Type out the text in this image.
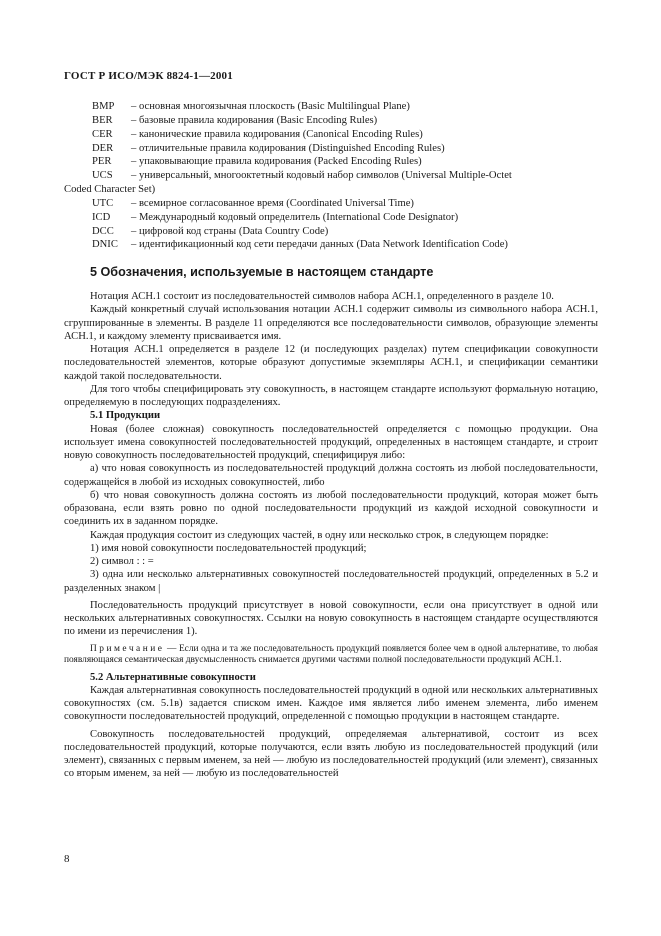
ГОСТ Р ИСО/МЭК 8824-1—2001
BMP – основная многоязычная плоскость (Basic Multilingual Plane)
BER – базовые правила кодирования (Basic Encoding Rules)
CER – канонические правила кодирования (Canonical Encoding Rules)
DER – отличительные правила кодирования (Distinguished Encoding Rules)
PER – упаковывающие правила кодирования (Packed Encoding Rules)
UCS – универсальный, многооктетный кодовый набор символов (Universal Multiple-Octet
Coded Character Set)
UTC – всемирное согласованное время (Coordinated Universal Time)
ICD – Международный кодовый определитель (International Code Designator)
DCC – цифровой код страны (Data Country Code)
DNIC – идентификационный код сети передачи данных (Data Network Identification Code)
5 Обозначения, используемые в настоящем стандарте

Нотация АСН.1 состоит из последовательностей символов набора АСН.1, определенного в разделе 10.

Каждый конкретный случай использования нотации АСН.1 содержит символы из символьного набора АСН.1, сгруппированные в элементы. В разделе 11 определяются все последовательности символов, образующие элементы АСН.1, и каждому элементу присваивается имя.

Нотация АСН.1 определяется в разделе 12 (и последующих разделах) путем спецификации совокупности последовательностей элементов, которые образуют допустимые экземпляры АСН.1, и спецификации семантики каждой такой последовательности.

Для того чтобы специфицировать эту совокупность, в настоящем стандарте используют формальную нотацию, определяемую в последующих подразделениях.

5.1 Продукции

Новая (более сложная) совокупность последовательностей определяется с помощью продукции. Она использует имена совокупностей последовательностей продукций, определенных в настоящем стандарте, и строит новую совокупность последовательностей продукций, специфицируя либо:

а) что новая совокупность из последовательностей продукций должна состоять из любой последовательности, содержащейся в любой из исходных совокупностей, либо

б) что новая совокупность должна состоять из любой последовательности продукций, которая может быть образована, если взять ровно по одной последовательности продукций из каждой исходной совокупности и соединить их в заданном порядке.

Каждая продукция состоит из следующих частей, в одну или несколько строк, в следующем порядке:

1) имя новой совокупности последовательностей продукций;

2) символ : : =

3) одна или несколько альтернативных совокупностей последовательностей продукций, определенных в 5.2 и разделенных знаком |

Последовательность продукций присутствует в новой совокупности, если она присутствует в одной или нескольких альтернативных совокупностях. Ссылки на новую совокупность в настоящем стандарте осуществляются по имени из перечисления 1).

Примечание — Если одна и та же последовательность продукций появляется более чем в одной альтернативе, то любая появляющаяся семантическая двусмысленность снимается другими частями полной последовательности продукций АСН.1.

5.2 Альтернативные совокупности

Каждая альтернативная совокупность последовательностей продукций в одной или нескольких альтернативных совокупностях (см. 5.1в) задается списком имен. Каждое имя является либо именем элемента, либо именем совокупности последовательностей продукций, определенной с помощью продукции в настоящем стандарте.

Совокупность последовательностей продукций, определяемая альтернативой, состоит из всех последовательностей продукций, которые получаются, если взять любую из последовательностей продукций (или элемент), связанных с первым именем, за ней — любую из последовательностей продукций (или элемент), связанных со вторым именем, за ней — любую из последовательностей

8
